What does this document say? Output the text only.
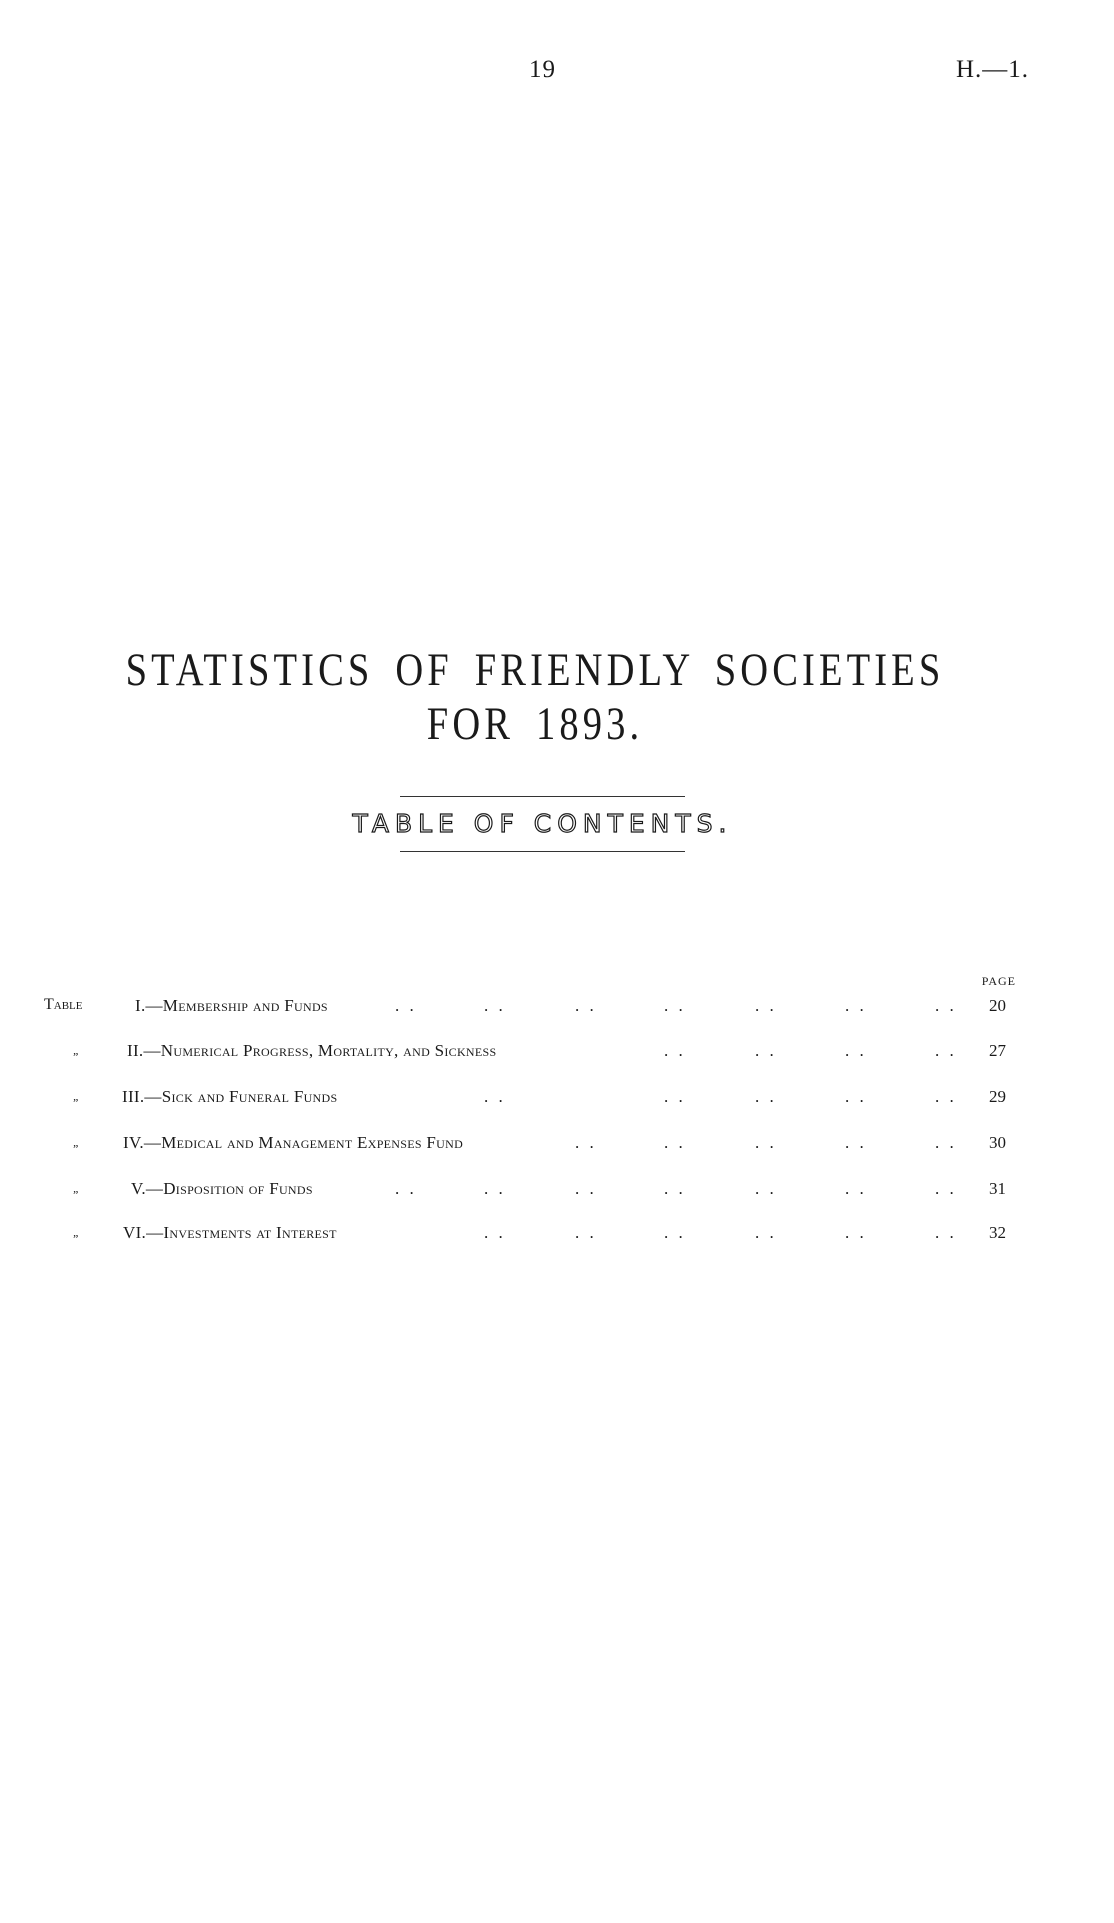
19	H.—1.
STATISTICS OF FRIENDLY SOCIETIES FOR 1893.
TABLE OF CONTENTS.
PAGE
Table	I.—Membership and Funds	. .	. .	. .	. .	. .	. .	. . 20
„	II.—Numerical Progress, Mortality, and Sickness	. .	. .	. .	. . 27
„ III.—Sick and Funeral Funds	. .	. .	. .	. .	. . 29
„	IV.—Medical and Management Expenses Fund	. .	. .	. .	. .	. . 30
„	V.—Disposition of Funds	. .	. .	. .	. .	. .	. .	. . 31
„	VI.—Investments at Interest	. .	. .	. .	. .	. .	. . 32
